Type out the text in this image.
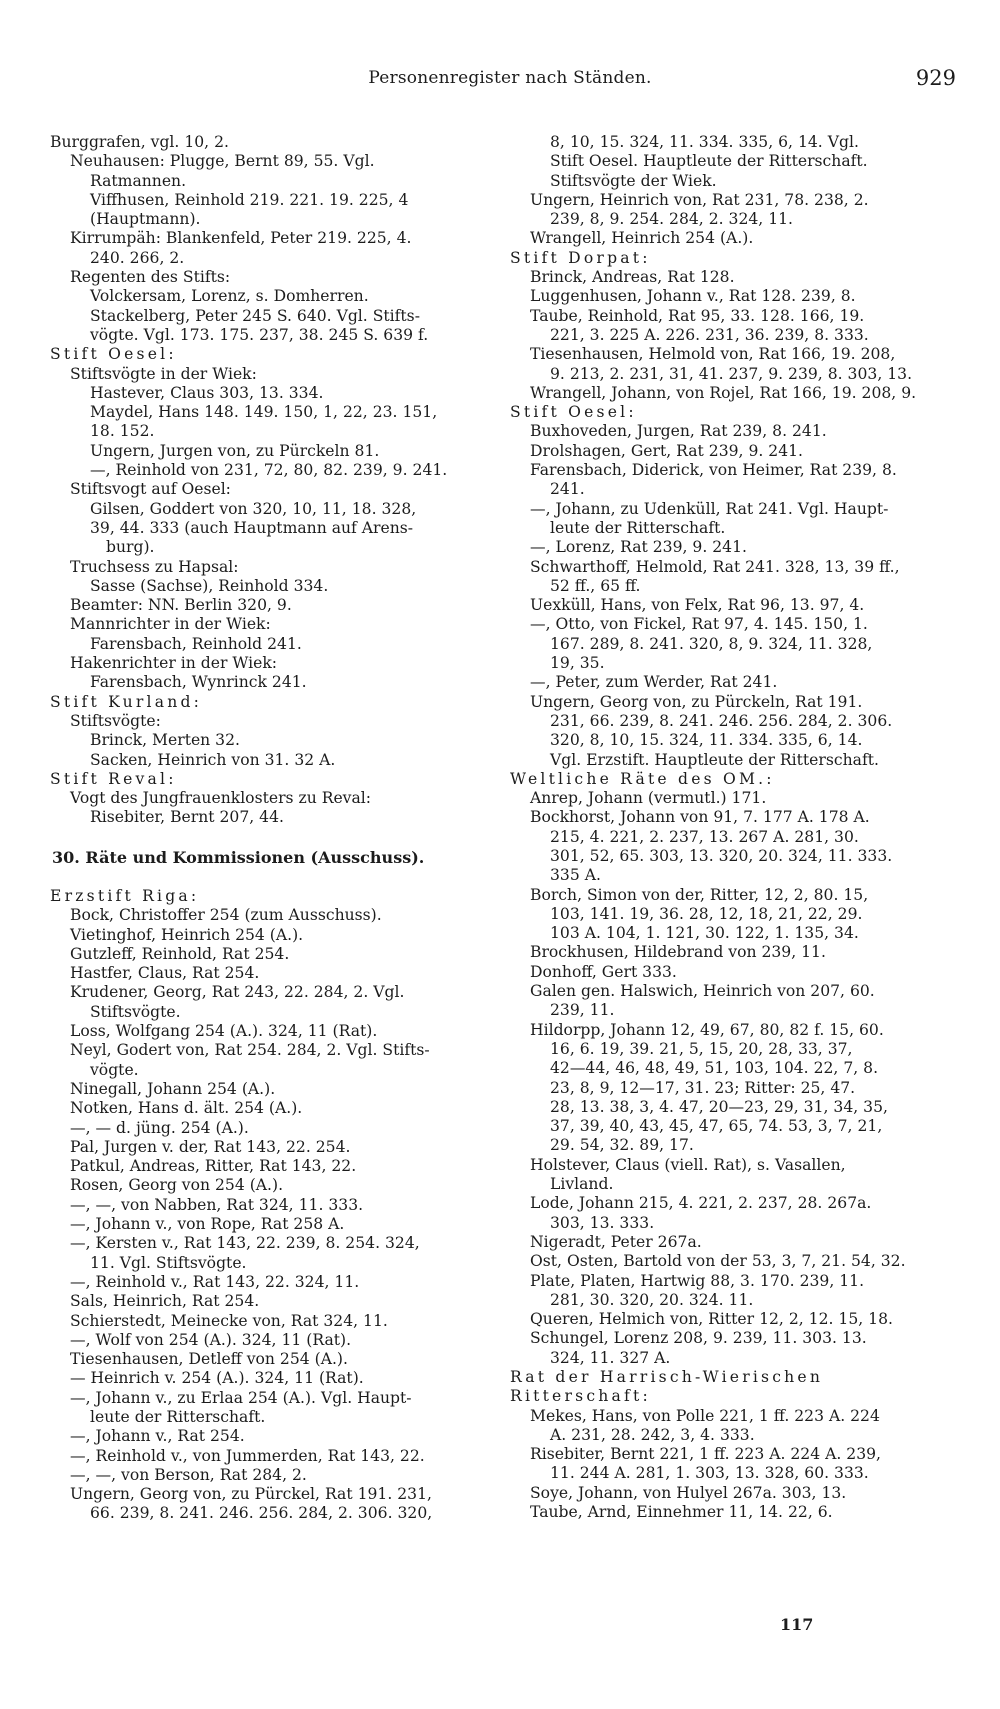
Personenregister nach Ständen.	929
Burggrafen, vgl. 10, 2.
Neuhausen: Plugge, Bernt 89, 55. Vgl.
Ratmannen.
Viffhusen, Reinhold 219. 221. 19. 225, 4
(Hauptmann).
Kirrumpäh: Blankenfeld, Peter 219. 225, 4.
240. 266, 2.
Regenten des Stifts:
Volckersam, Lorenz, s. Domherren.
Stackelberg, Peter 245 S. 640. Vgl. Stifts-
vögte. Vgl. 173. 175. 237, 38. 245 S. 639 f.
Stift Oesel:
Stiftsvögte in der Wiek:
Hastever, Claus 303, 13. 334.
Maydel, Hans 148. 149. 150, 1, 22, 23. 151,
18. 152.
Ungern, Jurgen von, zu Pürckeln 81.
—, Reinhold von 231, 72, 80, 82. 239, 9. 241.
Stiftsvogt auf Oesel:
Gilsen, Goddert von 320, 10, 11, 18. 328,
39, 44. 333 (auch Hauptmann auf Arens-
burg).
Truchsess zu Hapsal:
Sasse (Sachse), Reinhold 334.
Beamter: NN. Berlin 320, 9.
Mannrichter in der Wiek:
Farensbach, Reinhold 241.
Hakenrichter in der Wiek:
Farensbach, Wynrinck 241.
Stift Kurland:
Stiftsvögte:
Brinck, Merten 32.
Sacken, Heinrich von 31. 32 A.
Stift Reval:
Vogt des Jungfrauenklosters zu Reval:
Risebiter, Bernt 207, 44.
30. Räte und Kommissionen (Ausschuss).
Erzstift Riga:
Bock, Christoffer 254 (zum Ausschuss).
Vietinghof, Heinrich 254 (A.).
Gutzleff, Reinhold, Rat 254.
Hastfer, Claus, Rat 254.
Krudener, Georg, Rat 243, 22. 284, 2. Vgl.
Stiftsvögte.
Loss, Wolfgang 254 (A.). 324, 11 (Rat).
Neyl, Godert von, Rat 254. 284, 2. Vgl. Stifts-
vögte.
Ninegall, Johann 254 (A.).
Notken, Hans d. ält. 254 (A.).
—, — d. jüng. 254 (A.).
Pal, Jurgen v. der, Rat 143, 22. 254.
Patkul, Andreas, Ritter, Rat 143, 22.
Rosen, Georg von 254 (A.).
—, —, von Nabben, Rat 324, 11. 333.
—, Johann v., von Rope, Rat 258 A.
—, Kersten v., Rat 143, 22. 239, 8. 254. 324,
11. Vgl. Stiftsvögte.
—, Reinhold v., Rat 143, 22. 324, 11.
Sals, Heinrich, Rat 254.
Schierstedt, Meinecke von, Rat 324, 11.
—, Wolf von 254 (A.). 324, 11 (Rat).
Tiesenhausen, Detleff von 254 (A.).
— Heinrich v. 254 (A.). 324, 11 (Rat).
—, Johann v., zu Erlaa 254 (A.). Vgl. Haupt-
leute der Ritterschaft.
—, Johann v., Rat 254.
—, Reinhold v., von Jummerden, Rat 143, 22.
—, —, von Berson, Rat 284, 2.
Ungern, Georg von, zu Pürckel, Rat 191. 231,
66. 239, 8. 241. 246. 256. 284, 2. 306. 320,
8, 10, 15. 324, 11. 334. 335, 6, 14. Vgl.
Stift Oesel. Hauptleute der Ritterschaft.
Stiftsvögte der Wiek.
Ungern, Heinrich von, Rat 231, 78. 238, 2.
239, 8, 9. 254. 284, 2. 324, 11.
Wrangell, Heinrich 254 (A.).
Stift Dorpat:
Brinck, Andreas, Rat 128.
Luggenhusen, Johann v., Rat 128. 239, 8.
Taube, Reinhold, Rat 95, 33. 128. 166, 19.
221, 3. 225 A. 226. 231, 36. 239, 8. 333.
Tiesenhausen, Helmold von, Rat 166, 19. 208,
9. 213, 2. 231, 31, 41. 237, 9. 239, 8. 303, 13.
Wrangell, Johann, von Rojel, Rat 166, 19. 208, 9.
Stift Oesel:
Buxhoveden, Jurgen, Rat 239, 8. 241.
Drolshagen, Gert, Rat 239, 9. 241.
Farensbach, Diderick, von Heimer, Rat 239, 8.
241.
—, Johann, zu Udenküll, Rat 241. Vgl. Haupt-
leute der Ritterschaft.
—, Lorenz, Rat 239, 9. 241.
Schwarthoff, Helmold, Rat 241. 328, 13, 39 ff.,
52 ff., 65 ff.
Uexküll, Hans, von Felx, Rat 96, 13. 97, 4.
—, Otto, von Fickel, Rat 97, 4. 145. 150, 1.
167. 289, 8. 241. 320, 8, 9. 324, 11. 328,
19, 35.
—, Peter, zum Werder, Rat 241.
Ungern, Georg von, zu Pürckeln, Rat 191.
231, 66. 239, 8. 241. 246. 256. 284, 2. 306.
320, 8, 10, 15. 324, 11. 334. 335, 6, 14.
Vgl. Erzstift. Hauptleute der Ritterschaft.
Weltliche Räte des OM.:
Anrep, Johann (vermutl.) 171.
Bockhorst, Johann von 91, 7. 177 A. 178 A.
215, 4. 221, 2. 237, 13. 267 A. 281, 30.
301, 52, 65. 303, 13. 320, 20. 324, 11. 333.
335 A.
Borch, Simon von der, Ritter, 12, 2, 80. 15,
103, 141. 19, 36. 28, 12, 18, 21, 22, 29.
103 A. 104, 1. 121, 30. 122, 1. 135, 34.
Brockhusen, Hildebrand von 239, 11.
Donhoff, Gert 333.
Galen gen. Halswich, Heinrich von 207, 60.
239, 11.
Hildorpp, Johann 12, 49, 67, 80, 82 f. 15, 60.
16, 6. 19, 39. 21, 5, 15, 20, 28, 33, 37,
42—44, 46, 48, 49, 51, 103, 104. 22, 7, 8.
23, 8, 9, 12—17, 31. 23; Ritter: 25, 47.
28, 13. 38, 3, 4. 47, 20—23, 29, 31, 34, 35,
37, 39, 40, 43, 45, 47, 65, 74. 53, 3, 7, 21,
29. 54, 32. 89, 17.
Holstever, Claus (viell. Rat), s. Vasallen,
Livland.
Lode, Johann 215, 4. 221, 2. 237, 28. 267a.
303, 13. 333.
Nigeradt, Peter 267a.
Ost, Osten, Bartold von der 53, 3, 7, 21. 54, 32.
Plate, Platen, Hartwig 88, 3. 170. 239, 11.
281, 30. 320, 20. 324. 11.
Queren, Helmich von, Ritter 12, 2, 12. 15, 18.
Schungel, Lorenz 208, 9. 239, 11. 303. 13.
324, 11. 327 A.
Rat der Harrisch-Wierischen
Ritterschaft:
Mekes, Hans, von Polle 221, 1 ff. 223 A. 224
A. 231, 28. 242, 3, 4. 333.
Risebiter, Bernt 221, 1 ff. 223 A. 224 A. 239,
11. 244 A. 281, 1. 303, 13. 328, 60. 333.
Soye, Johann, von Hulyel 267a. 303, 13.
Taube, Arnd, Einnehmer 11, 14. 22, 6.
117
